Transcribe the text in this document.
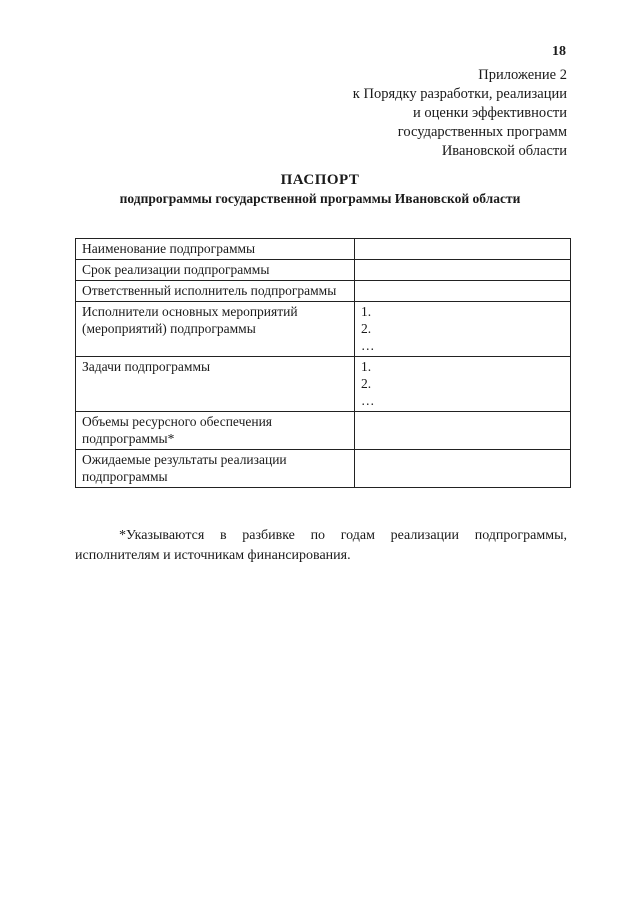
18
Приложение 2
к Порядку разработки, реализации
и оценки эффективности
государственных программ
Ивановской области
ПАСПОРТ
подпрограммы государственной программы Ивановской области
Наименование подпрограммы	
Срок реализации подпрограммы	
Ответственный исполнитель подпрограммы	
Исполнители основных мероприятий (мероприятий) подпрограммы	1.
2.
…

Задачи подпрограммы	1.
2.
…

Объемы ресурсного обеспечения подпрограммы*	
Ожидаемые результаты реализации подпрограммы	
*Указываются в разбивке по годам реализации подпрограммы, исполнителям и источникам финансирования.
